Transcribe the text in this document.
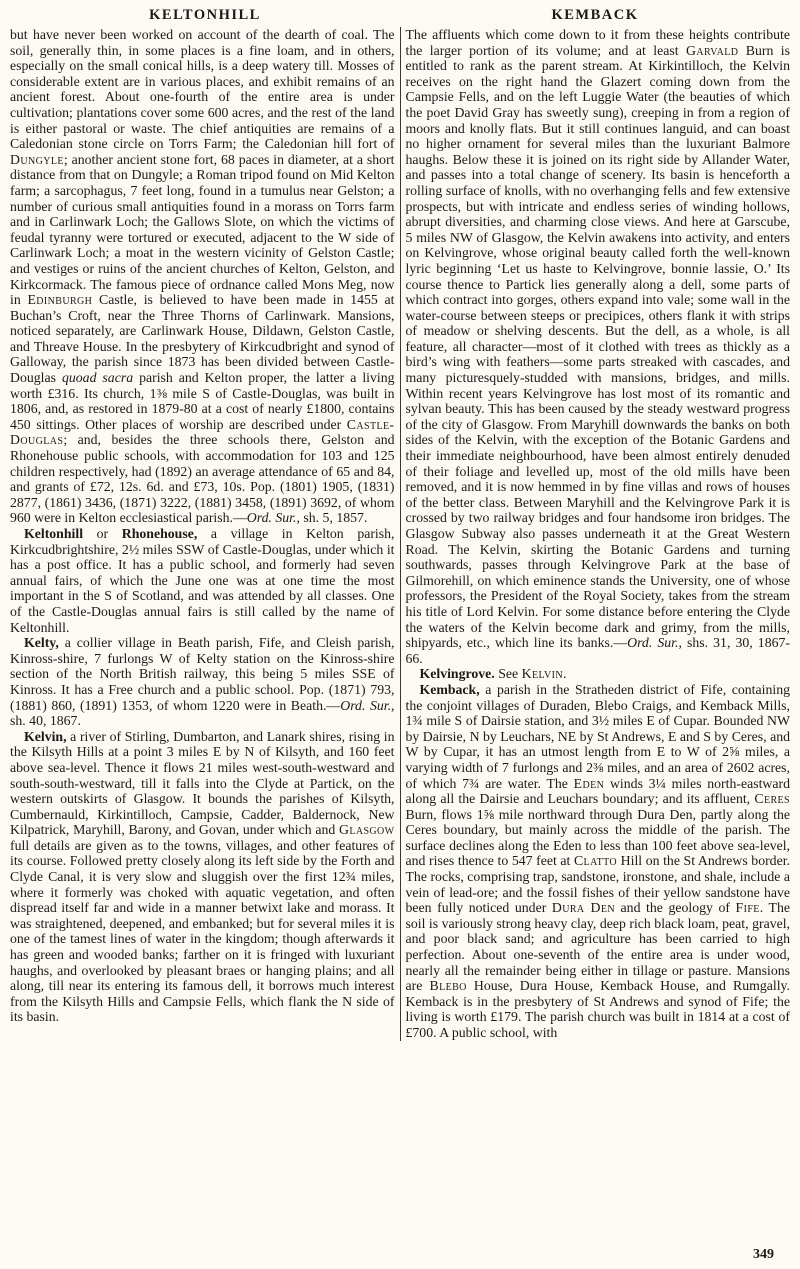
KELTONHILL	KEMBACK

but have never been worked on account of the dearth of coal. The soil, generally thin, in some places is a fine loam, and in others, especially on the small conical hills, is a deep watery till. Mosses of considerable extent are in various places, and exhibit remains of an ancient forest. About one-fourth of the entire area is under cultivation; plantations cover some 600 acres, and the rest of the land is either pastoral or waste. The chief antiquities are remains of a Caledonian stone circle on Torrs Farm; the Caledonian hill fort of Dungyle; another ancient stone fort, 68 paces in diameter, at a short distance from that on Dungyle; a Roman tripod found on Mid Kelton farm; a sarcophagus, 7 feet long, found in a tumulus near Gelston; a number of curious small antiquities found in a morass on Torrs farm and in Carlinwark Loch; the Gallows Slote, on which the victims of feudal tyranny were tortured or executed, adjacent to the W side of Carlinwark Loch; a moat in the western vicinity of Gelston Castle; and vestiges or ruins of the ancient churches of Kelton, Gelston, and Kirkcormack. The famous piece of ordnance called Mons Meg, now in Edinburgh Castle, is believed to have been made in 1455 at Buchan’s Croft, near the Three Thorns of Carlinwark. Mansions, noticed separately, are Carlinwark House, Dildawn, Gelston Castle, and Threave House. In the presbytery of Kirkcudbright and synod of Galloway, the parish since 1873 has been divided between Castle-Douglas quoad sacra parish and Kelton proper, the latter a living worth £316. Its church, 1⅜ mile S of Castle-Douglas, was built in 1806, and, as restored in 1879-80 at a cost of nearly £1800, contains 450 sittings. Other places of worship are described under Castle-Douglas; and, besides the three schools there, Gelston and Rhonehouse public schools, with accommodation for 103 and 125 children respectively, had (1892) an average attendance of 65 and 84, and grants of £72, 12s. 6d. and £73, 10s. Pop. (1801) 1905, (1831) 2877, (1861) 3436, (1871) 3222, (1881) 3458, (1891) 3692, of whom 960 were in Kelton ecclesiastical parish.—Ord. Sur., sh. 5, 1857.

Keltonhill or Rhonehouse, a village in Kelton parish, Kirkcudbrightshire, 2½ miles SSW of Castle-Douglas, under which it has a post office. It has a public school, and formerly had seven annual fairs, of which the June one was at one time the most important in the S of Scotland, and was attended by all classes. One of the Castle-Douglas annual fairs is still called by the name of Keltonhill.

Kelty, a collier village in Beath parish, Fife, and Cleish parish, Kinross-shire, 7 furlongs W of Kelty station on the Kinross-shire section of the North British railway, this being 5 miles SSE of Kinross. It has a Free church and a public school. Pop. (1871) 793, (1881) 860, (1891) 1353, of whom 1220 were in Beath.—Ord. Sur., sh. 40, 1867.

Kelvin, a river of Stirling, Dumbarton, and Lanark shires, rising in the Kilsyth Hills at a point 3 miles E by N of Kilsyth, and 160 feet above sea-level. Thence it flows 21 miles west-south-westward and south-south-westward, till it falls into the Clyde at Partick, on the western outskirts of Glasgow. It bounds the parishes of Kilsyth, Cumbernauld, Kirkintilloch, Campsie, Cadder, Baldernock, New Kilpatrick, Maryhill, Barony, and Govan, under which and Glasgow full details are given as to the towns, villages, and other features of its course. Followed pretty closely along its left side by the Forth and Clyde Canal, it is very slow and sluggish over the first 12¾ miles, where it formerly was choked with aquatic vegetation, and often dispread itself far and wide in a manner betwixt lake and morass. It was straightened, deepened, and embanked; but for several miles it is one of the tamest lines of water in the kingdom; though afterwards it has green and wooded banks; farther on it is fringed with luxuriant haughs, and overlooked by pleasant braes or hanging plains; and all along, till near its entering its famous dell, it borrows much interest from the Kilsyth Hills and Campsie Fells, which flank the N side of its basin.

The affluents which come down to it from these heights contribute the larger portion of its volume; and at least Garvald Burn is entitled to rank as the parent stream. At Kirkintilloch, the Kelvin receives on the right hand the Glazert coming down from the Campsie Fells, and on the left Luggie Water (the beauties of which the poet David Gray has sweetly sung), creeping in from a region of moors and knolly flats. But it still continues languid, and can boast no higher ornament for several miles than the luxuriant Balmore haughs. Below these it is joined on its right side by Allander Water, and passes into a total change of scenery. Its basin is henceforth a rolling surface of knolls, with no overhanging fells and few extensive prospects, but with intricate and endless series of winding hollows, abrupt diversities, and charming close views. And here at Garscube, 5 miles NW of Glasgow, the Kelvin awakens into activity, and enters on Kelvingrove, whose original beauty called forth the well-known lyric beginning ‘Let us haste to Kelvingrove, bonnie lassie, O.’ Its course thence to Partick lies generally along a dell, some parts of which contract into gorges, others expand into vale; some wall in the water-course between steeps or precipices, others flank it with strips of meadow or shelving descents. But the dell, as a whole, is all feature, all character—most of it clothed with trees as thickly as a bird’s wing with feathers—some parts streaked with cascades, and many picturesquely-studded with mansions, bridges, and mills. Within recent years Kelvingrove has lost most of its romantic and sylvan beauty. This has been caused by the steady westward progress of the city of Glasgow. From Maryhill downwards the banks on both sides of the Kelvin, with the exception of the Botanic Gardens and their immediate neighbourhood, have been almost entirely denuded of their foliage and levelled up, most of the old mills have been removed, and it is now hemmed in by fine villas and rows of houses of the better class. Between Maryhill and the Kelvingrove Park it is crossed by two railway bridges and four handsome iron bridges. The Glasgow Subway also passes underneath it at the Great Western Road. The Kelvin, skirting the Botanic Gardens and turning southwards, passes through Kelvingrove Park at the base of Gilmorehill, on which eminence stands the University, one of whose professors, the President of the Royal Society, takes from the stream his title of Lord Kelvin. For some distance before entering the Clyde the waters of the Kelvin become dark and grimy, from the mills, shipyards, etc., which line its banks.—Ord. Sur., shs. 31, 30, 1867-66.

Kelvingrove. See Kelvin.

Kemback, a parish in the Stratheden district of Fife, containing the conjoint villages of Duraden, Blebo Craigs, and Kemback Mills, 1¾ mile S of Dairsie station, and 3½ miles E of Cupar. Bounded NW by Dairsie, N by Leuchars, NE by St Andrews, E and S by Ceres, and W by Cupar, it has an utmost length from E to W of 2⅝ miles, a varying width of 7 furlongs and 2⅜ miles, and an area of 2602 acres, of which 7¾ are water. The Eden winds 3¼ miles north-eastward along all the Dairsie and Leuchars boundary; and its affluent, Ceres Burn, flows 1⅝ mile northward through Dura Den, partly along the Ceres boundary, but mainly across the middle of the parish. The surface declines along the Eden to less than 100 feet above sea-level, and rises thence to 547 feet at Clatto Hill on the St Andrews border. The rocks, comprising trap, sandstone, ironstone, and shale, include a vein of lead-ore; and the fossil fishes of their yellow sandstone have been fully noticed under Dura Den and the geology of Fife. The soil is variously strong heavy clay, deep rich black loam, peat, gravel, and poor black sand; and agriculture has been carried to high perfection. About one-seventh of the entire area is under wood, nearly all the remainder being either in tillage or pasture. Mansions are Blebo House, Dura House, Kemback House, and Rumgally. Kemback is in the presbytery of St Andrews and synod of Fife; the living is worth £179. The parish church was built in 1814 at a cost of £700. A public school, with

349
